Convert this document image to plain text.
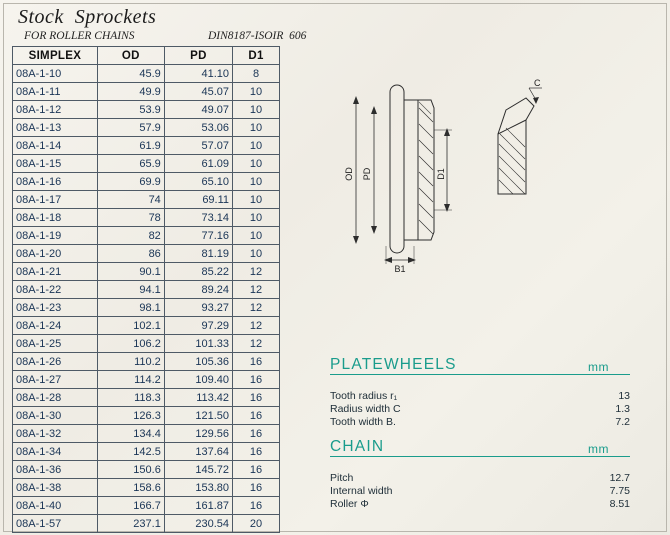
Stock  Sprockets
FOR ROLLER CHAINS	DIN8187-ISOIR  606
SIMPLEX	OD	PD	D1
08A-1-10	45.9	41.10	8
08A-1-11	49.9	45.07	10
08A-1-12	53.9	49.07	10
08A-1-13	57.9	53.06	10
08A-1-14	61.9	57.07	10
08A-1-15	65.9	61.09	10
08A-1-16	69.9	65.10	10
08A-1-17	74	69.11	10
08A-1-18	78	73.14	10
08A-1-19	82	77.16	10
08A-1-20	86	81.19	10
08A-1-21	90.1	85.22	12
08A-1-22	94.1	89.24	12
08A-1-23	98.1	93.27	12
08A-1-24	102.1	97.29	12
08A-1-25	106.2	101.33	12
08A-1-26	110.2	105.36	16
08A-1-27	114.2	109.40	16
08A-1-28	118.3	113.42	16
08A-1-30	126.3	121.50	16
08A-1-32	134.4	129.56	16
08A-1-34	142.5	137.64	16
08A-1-36	150.6	145.72	16
08A-1-38	158.6	153.80	16
08A-1-40	166.7	161.87	16
08A-1-57	237.1	230.54	20
OD PD	D1
B1
C
PLATEWHEELS	mm
Tooth radius r₁	13
Radius width C	1.3
Tooth width B.	7.2
CHAIN	mm
Pitch	12.7
Internal width	7.75
Roller Φ	8.51
